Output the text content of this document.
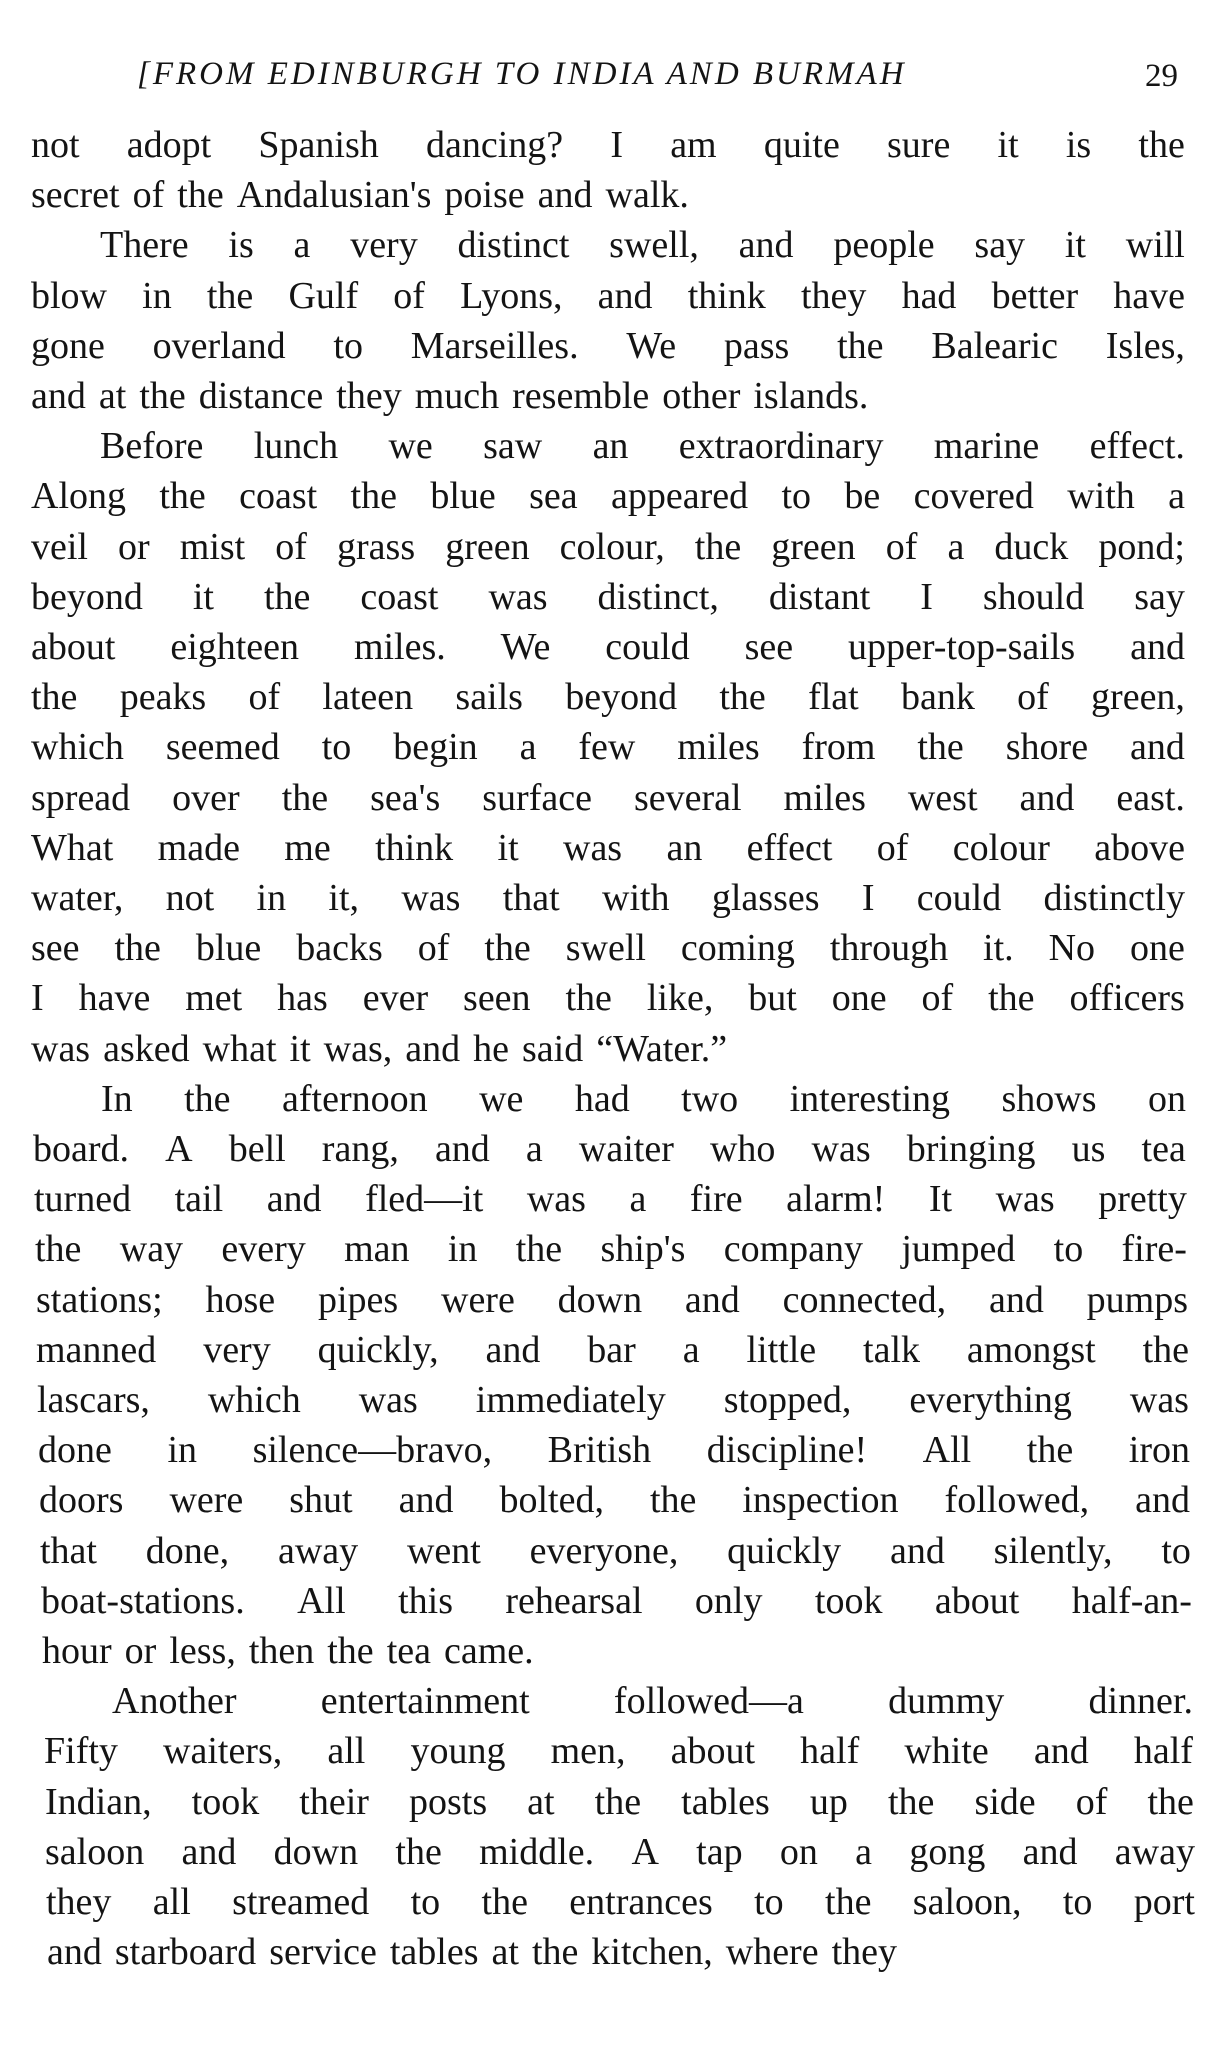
[FROM EDINBURGH TO INDIA AND BURMAH	29
not adopt Spanish dancing? I am quite sure it is the
secret of the Andalusian's poise and walk.
There is a very distinct swell, and people say it will
blow in the Gulf of Lyons, and think they had better have
gone overland to Marseilles. We pass the Balearic Isles,
and at the distance they much resemble other islands.
Before lunch we saw an extraordinary marine effect.
Along the coast the blue sea appeared to be covered with a
veil or mist of grass green colour, the green of a duck pond;
beyond it the coast was distinct, distant I should say
about eighteen miles. We could see upper-top-sails and
the peaks of lateen sails beyond the flat bank of green,
which seemed to begin a few miles from the shore and
spread over the sea's surface several miles west and east.
What made me think it was an effect of colour above
water, not in it, was that with glasses I could distinctly
see the blue backs of the swell coming through it. No one
I have met has ever seen the like, but one of the officers
was asked what it was, and he said “Water.”
In the afternoon we had two interesting shows on
board. A bell rang, and a waiter who was bringing us tea
turned tail and fled—it was a fire alarm! It was pretty
the way every man in the ship's company jumped to fire-
stations; hose pipes were down and connected, and pumps
manned very quickly, and bar a little talk amongst the
lascars, which was immediately stopped, everything was
done in silence—bravo, British discipline! All the iron
doors were shut and bolted, the inspection followed, and
that done, away went everyone, quickly and silently, to
boat-stations. All this rehearsal only took about half-an-
hour or less, then the tea came.
Another entertainment followed—a dummy dinner.
Fifty waiters, all young men, about half white and half
Indian, took their posts at the tables up the side of the
saloon and down the middle. A tap on a gong and away
they all streamed to the entrances to the saloon, to port
and starboard service tables at the kitchen, where they
